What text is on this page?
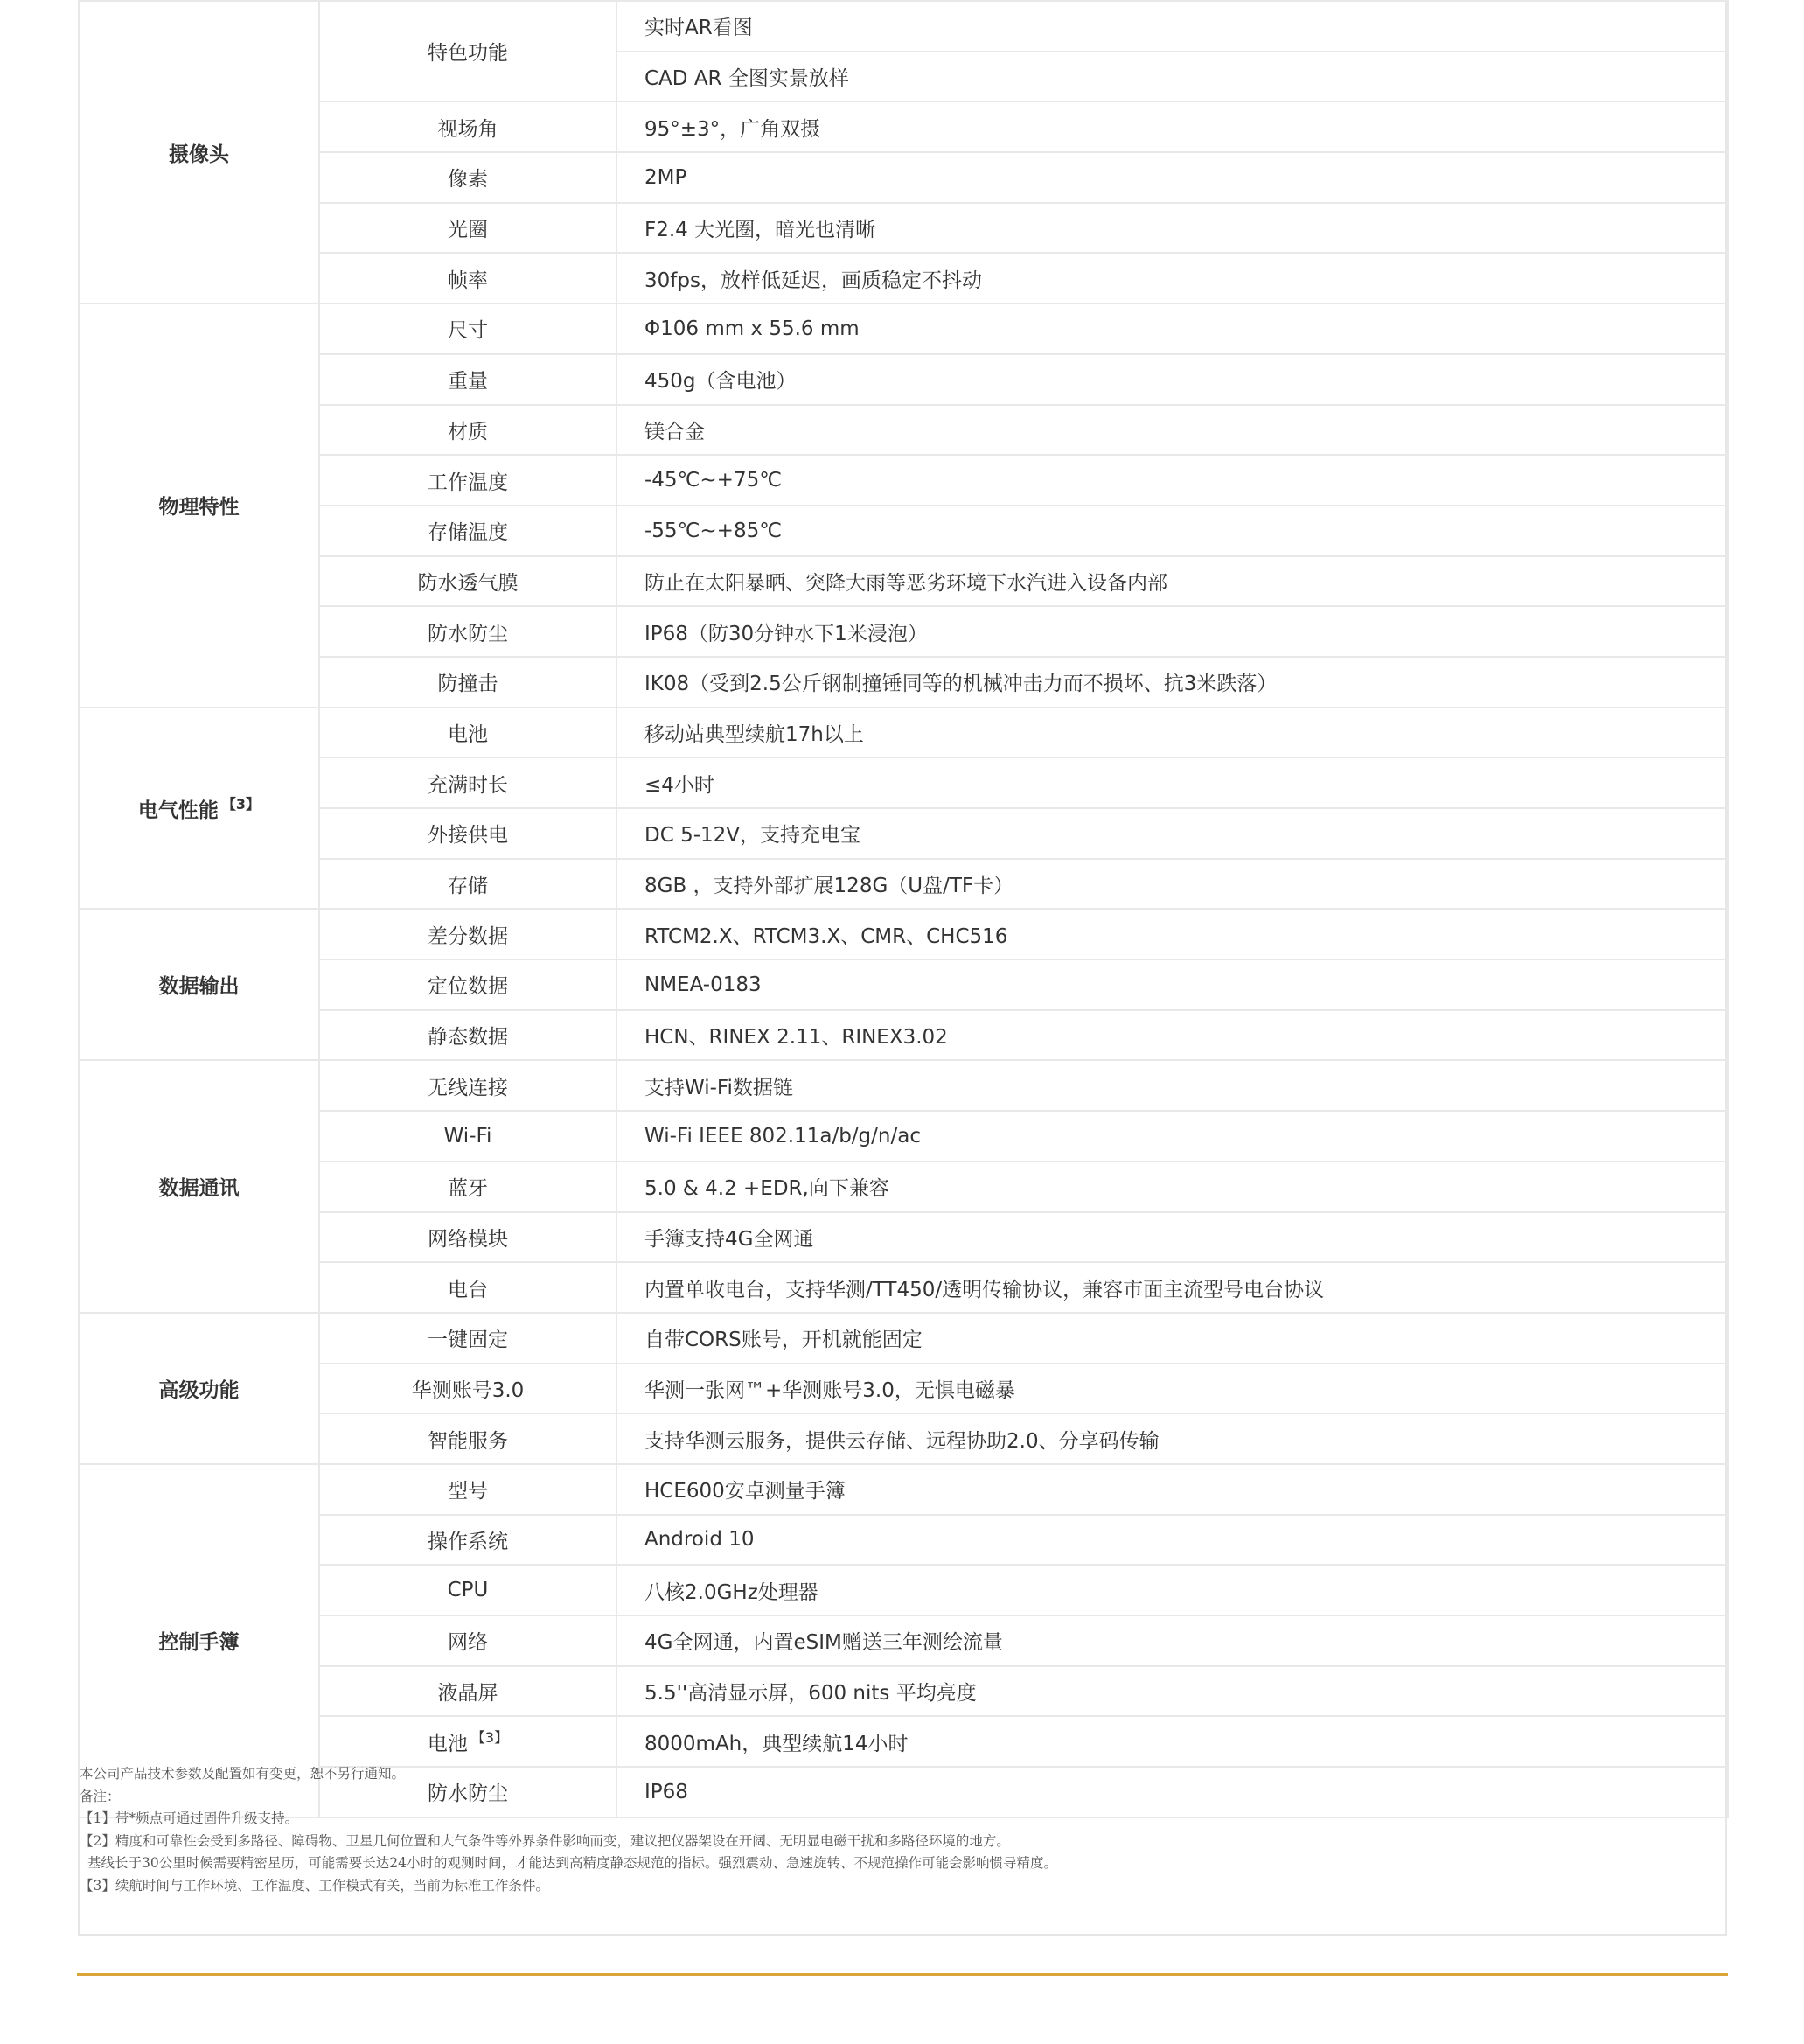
摄像头	特色功能	实时AR看图
		CAD AR 全图实景放样
	视场角	95°±3°，广角双摄
	像素	2MP
	光圈	F2.4 大光圈，暗光也清晰
	帧率	30fps，放样低延迟，画质稳定不抖动
物理特性	尺寸	Φ106 mm x 55.6 mm
	重量	450g（含电池）
	材质	镁合金
	工作温度	-45℃~+75℃
	存储温度	-55℃~+85℃
	防水透气膜	防止在太阳暴晒、突降大雨等恶劣环境下水汽进入设备内部
	防水防尘	IP68（防30分钟水下1米浸泡）
	防撞击	IK08（受到2.5公斤钢制撞锤同等的机械冲击力而不损坏、抗3米跌落）
电气性能 $^{【3】}$	电池	移动站典型续航17h以上
	充满时长	≤4小时
	外接供电	DC 5-12V，支持充电宝
	存储	8GB ，支持外部扩展128G（U盘/TF卡）
数据输出	差分数据	RTCM2.X、RTCM3.X、CMR、CHC516
	定位数据	NMEA-0183
	静态数据	HCN、RINEX 2.11、RINEX3.02
数据通讯	无线连接	支持Wi-Fi数据链
	Wi-Fi	Wi-Fi IEEE 802.11a/b/g/n/ac
	蓝牙	5.0 & 4.2 +EDR,向下兼容
	网络模块	手簿支持4G全网通
	电台	内置单收电台，支持华测/TT450/透明传输协议，兼容市面主流型号电台协议
高级功能	一键固定	自带CORS账号，开机就能固定
	华测账号3.0	华测一张网™+华测账号3.0，无惧电磁暴
	智能服务	支持华测云服务，提供云存储、远程协助2.0、分享码传输
控制手簿	型号	HCE600安卓测量手簿
	操作系统	Android 10
	CPU	八核2.0GHz处理器
	网络	4G全网通，内置eSIM赠送三年测绘流量
	液晶屏	5.5''高清显示屏，600 nits 平均亮度
	电池 $^{【3】}$	8000mAh，典型续航14小时
	防水防尘	IP68
本公司产品技术参数及配置如有变更，恕不另行通知。
备注：
【1】带*频点可通过固件升级支持。
【2】精度和可靠性会受到多路径、障碍物、卫星几何位置和大气条件等外界条件影响而变，建议把仪器架设在开阔、无明显电磁干扰和多路径环境的地方。
基线长于30公里时候需要精密星历，可能需要长达24小时的观测时间，才能达到高精度静态规范的指标。强烈震动、急速旋转、不规范操作可能会影响惯导精度。
【3】续航时间与工作环境、工作温度、工作模式有关，当前为标准工作条件。
